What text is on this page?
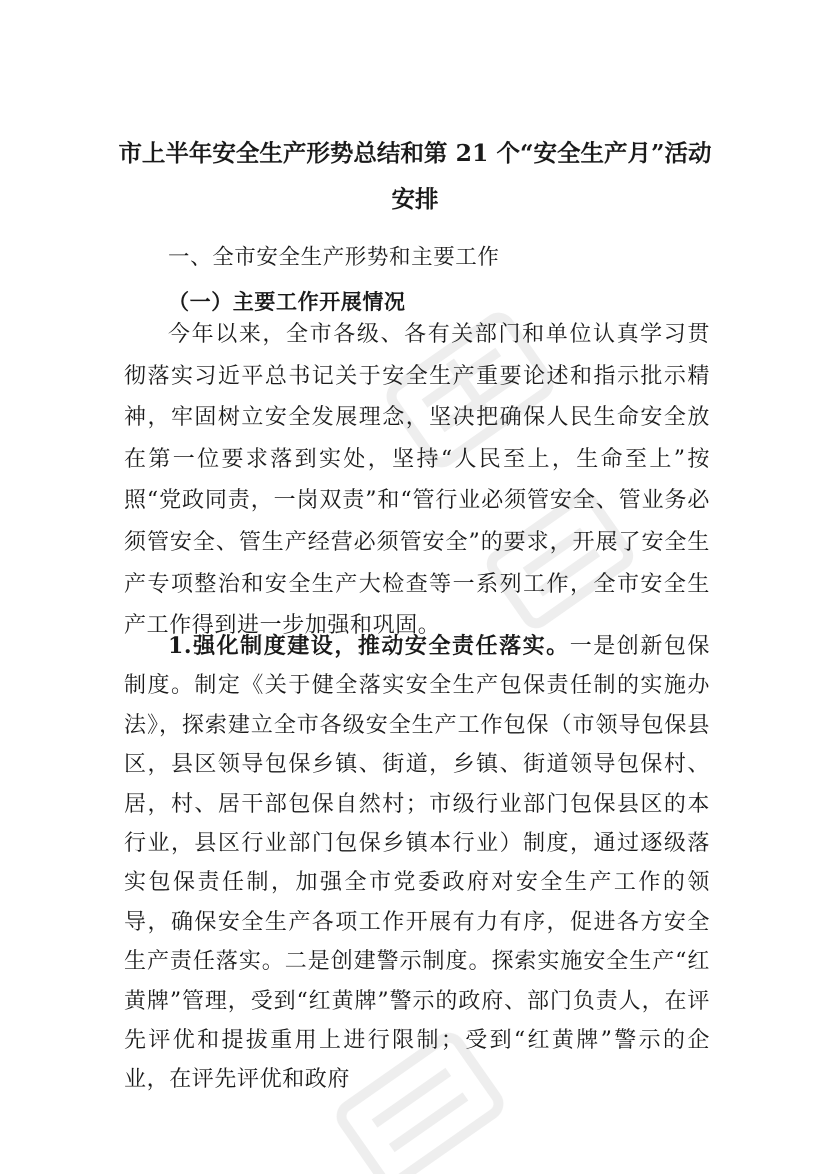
市上半年安全生产形势总结和第 21 个“安全生产月”活动
安排
一、全市安全生产形势和主要工作
（一）主要工作开展情况

今年以来，全市各级、各有关部门和单位认真学习贯彻落实习近平总书记关于安全生产重要论述和指示批示精神，牢固树立安全发展理念，坚决把确保人民生命安全放在第一位要求落到实处，坚持“人民至上，生命至上”按照“党政同责，一岗双责”和“管行业必须管安全、管业务必须管安全、管生产经营必须管安全”的要求，开展了安全生产专项整治和安全生产大检查等一系列工作，全市安全生产工作得到进一步加强和巩固。

1.强化制度建设，推动安全责任落实。一是创新包保制度。制定《关于健全落实安全生产包保责任制的实施办法》，探索建立全市各级安全生产工作包保（市领导包保县区，县区领导包保乡镇、街道，乡镇、街道领导包保村、居，村、居干部包保自然村；市级行业部门包保县区的本行业，县区行业部门包保乡镇本行业）制度，通过逐级落实包保责任制，加强全市党委政府对安全生产工作的领导，确保安全生产各项工作开展有力有序，促进各方安全生产责任落实。二是创建警示制度。探索实施安全生产“红黄牌”管理，受到“红黄牌”警示的政府、部门负责人，在评先评优和提拔重用上进行限制；受到“红黄牌”警示的企业，在评先评优和政府
